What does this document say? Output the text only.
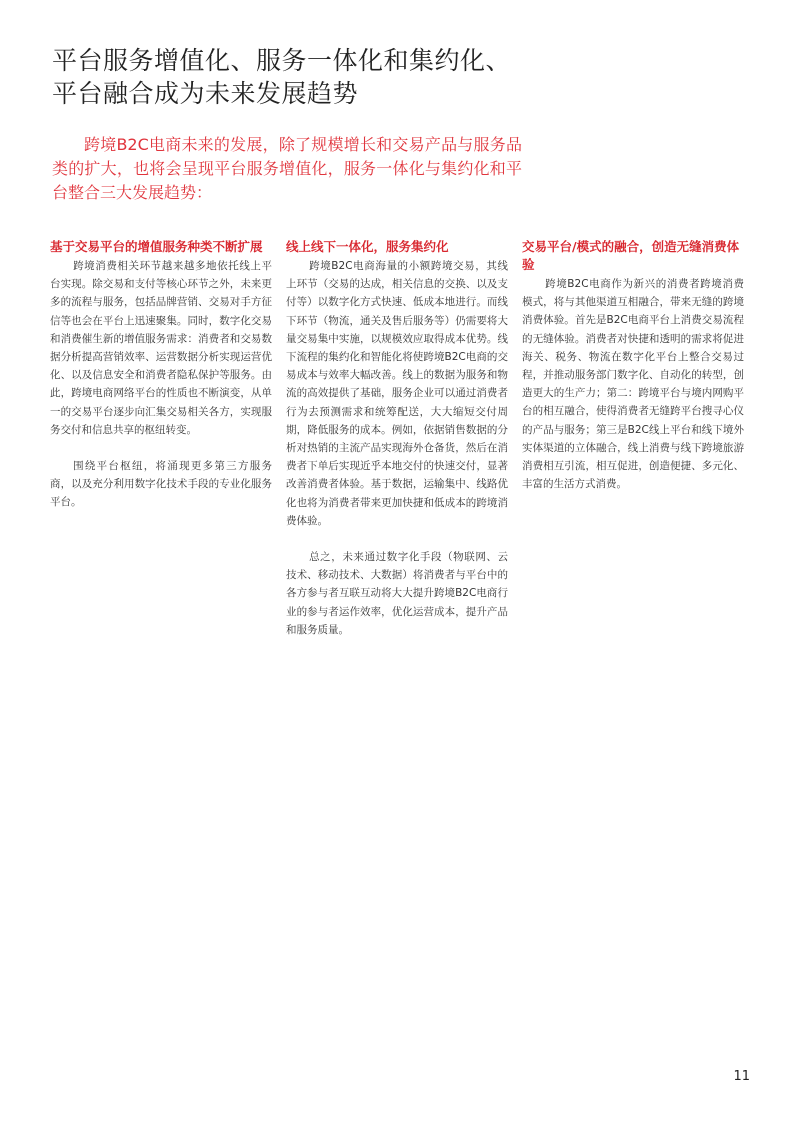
平台服务增值化、服务一体化和集约化、
平台融合成为未来发展趋势

跨境B2C电商未来的发展，除了规模增长和交易产品与服务品类的扩大，也将会呈现平台服务增值化，服务一体化与集约化和平台整合三大发展趋势：

基于交易平台的增值服务种类不断扩展

跨境消费相关环节越来越多地依托线上平台实现。除交易和支付等核心环节之外，未来更多的流程与服务，包括品牌营销、交易对手方征信等也会在平台上迅速聚集。同时，数字化交易和消费催生新的增值服务需求：消费者和交易数据分析提高营销效率、运营数据分析实现运营优化、以及信息安全和消费者隐私保护等服务。由此，跨境电商网络平台的性质也不断演变，从单一的交易平台逐步向汇集交易相关各方，实现服务交付和信息共享的枢纽转变。

围绕平台枢纽，将涌现更多第三方服务商，以及充分利用数字化技术手段的专业化服务平台。

线上线下一体化，服务集约化

跨境B2C电商海量的小额跨境交易，其线上环节（交易的达成，相关信息的交换、以及支付等）以数字化方式快速、低成本地进行。而线下环节（物流，通关及售后服务等）仍需要将大量交易集中实施，以规模效应取得成本优势。线下流程的集约化和智能化将使跨境B2C电商的交易成本与效率大幅改善。线上的数据为服务和物流的高效提供了基础，服务企业可以通过消费者行为去预测需求和统筹配送，大大缩短交付周期，降低服务的成本。例如，依据销售数据的分析对热销的主流产品实现海外仓备货，然后在消费者下单后实现近乎本地交付的快速交付，显著改善消费者体验。基于数据，运输集中、线路优化也将为消费者带来更加快捷和低成本的跨境消费体验。

总之，未来通过数字化手段（物联网、云技术、移动技术、大数据）将消费者与平台中的各方参与者互联互动将大大提升跨境B2C电商行业的参与者运作效率，优化运营成本，提升产品和服务质量。

交易平台/模式的融合，创造无缝消费体验

跨境B2C电商作为新兴的消费者跨境消费模式，将与其他渠道互相融合，带来无缝的跨境消费体验。首先是B2C电商平台上消费交易流程的无缝体验。消费者对快捷和透明的需求将促进海关、税务、物流在数字化平台上整合交易过程，并推动服务部门数字化、自动化的转型，创造更大的生产力；第二：跨境平台与境内网购平台的相互融合，使得消费者无缝跨平台搜寻心仪的产品与服务；第三是B2C线上平台和线下境外实体渠道的立体融合，线上消费与线下跨境旅游消费相互引流，相互促进，创造便捷、多元化、丰富的生活方式消费。

11
